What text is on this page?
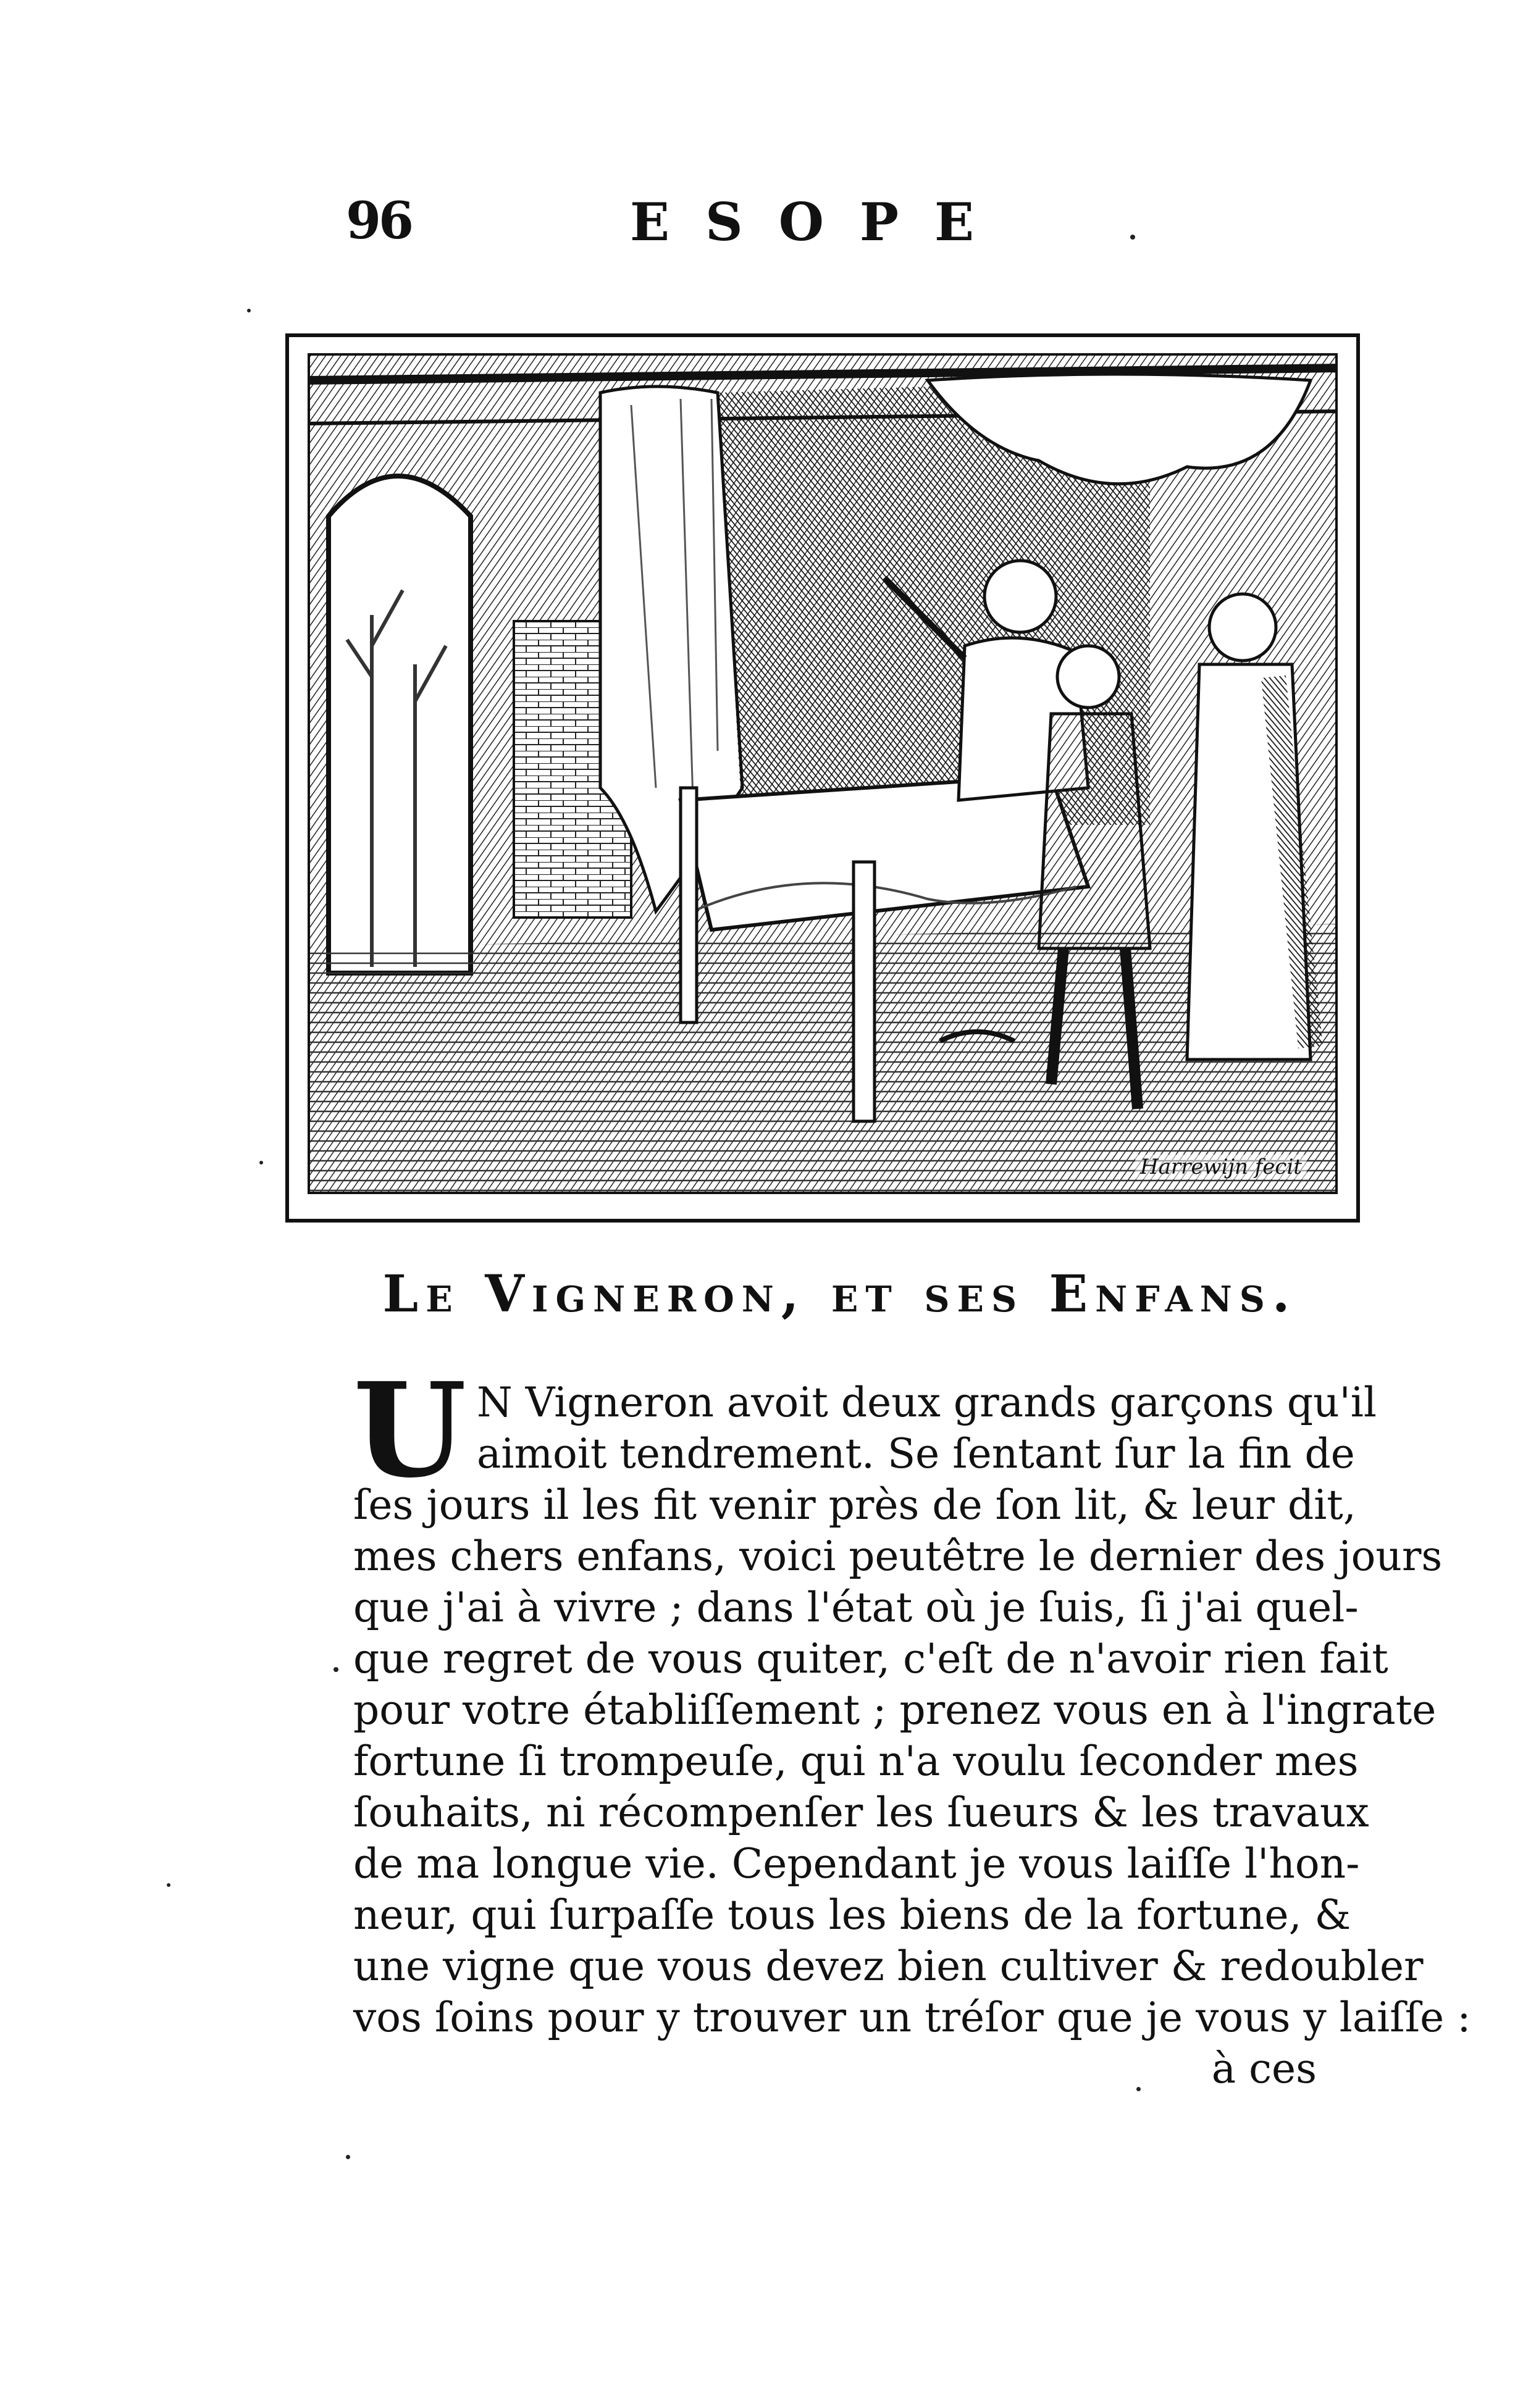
96	ESOPE
Harrewijn fecit
Le Vigneron, et ses Enfans.
U N Vigneron avoit deux grands garçons qu'il
aimoit tendrement. Se ſentant ſur la fin de
ſes jours il les fit venir près de ſon lit, & leur dit,
mes chers enfans, voici peutêtre le dernier des jours
que j'ai à vivre ; dans l'état où je ſuis, ſi j'ai quel-
que regret de vous quiter, c'eſt de n'avoir rien fait
pour votre établiſſement ; prenez vous en à l'ingrate
fortune ſi trompeuſe, qui n'a voulu ſeconder mes
ſouhaits, ni récompenſer les ſueurs & les travaux
de ma longue vie. Cependant je vous laiſſe l'hon-
neur, qui ſurpaſſe tous les biens de la fortune, &
une vigne que vous devez bien cultiver & redoubler
vos ſoins pour y trouver un tréſor que je vous y laiſſe :
à ces
